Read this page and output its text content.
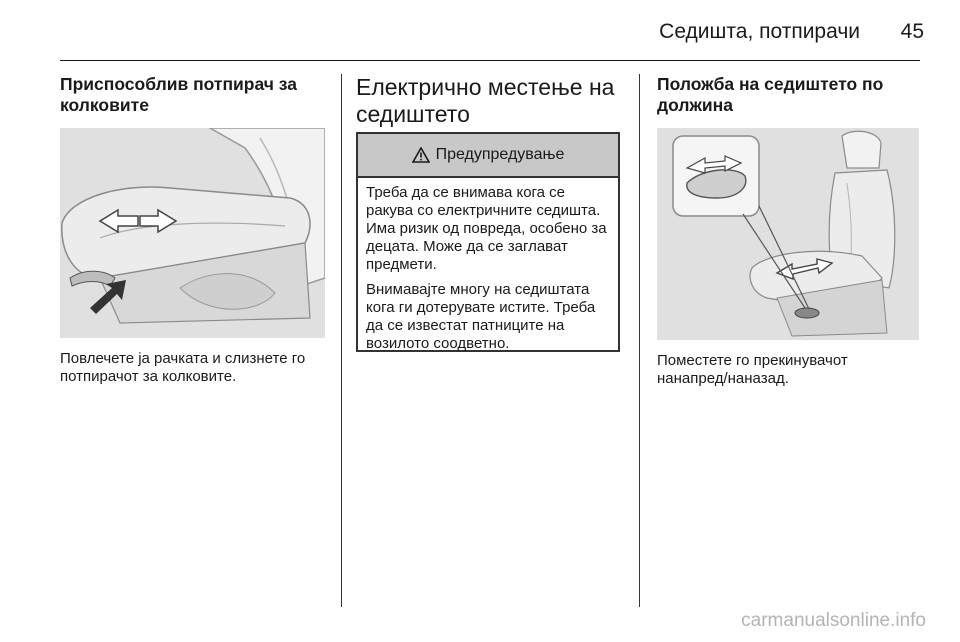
Седишта, потпирачи	45
Приспособлив потпирач за колковите

Повлечете ја рачката и слизнете го потпирачот за колковите.

Електрично местење на седиштето
Предупредување

Треба да се внимава кога се ракува со електричните седишта. Има ризик од повреда, особено за децата. Може да се заглават предмети.

Внимавајте многу на седиштата кога ги дотерувате истите. Треба да се известат патниците на возилото соодветно.

Положба на седиштето по должина

Поместете го прекинувачот нанапред/наназад.

carmanualsonline.info
